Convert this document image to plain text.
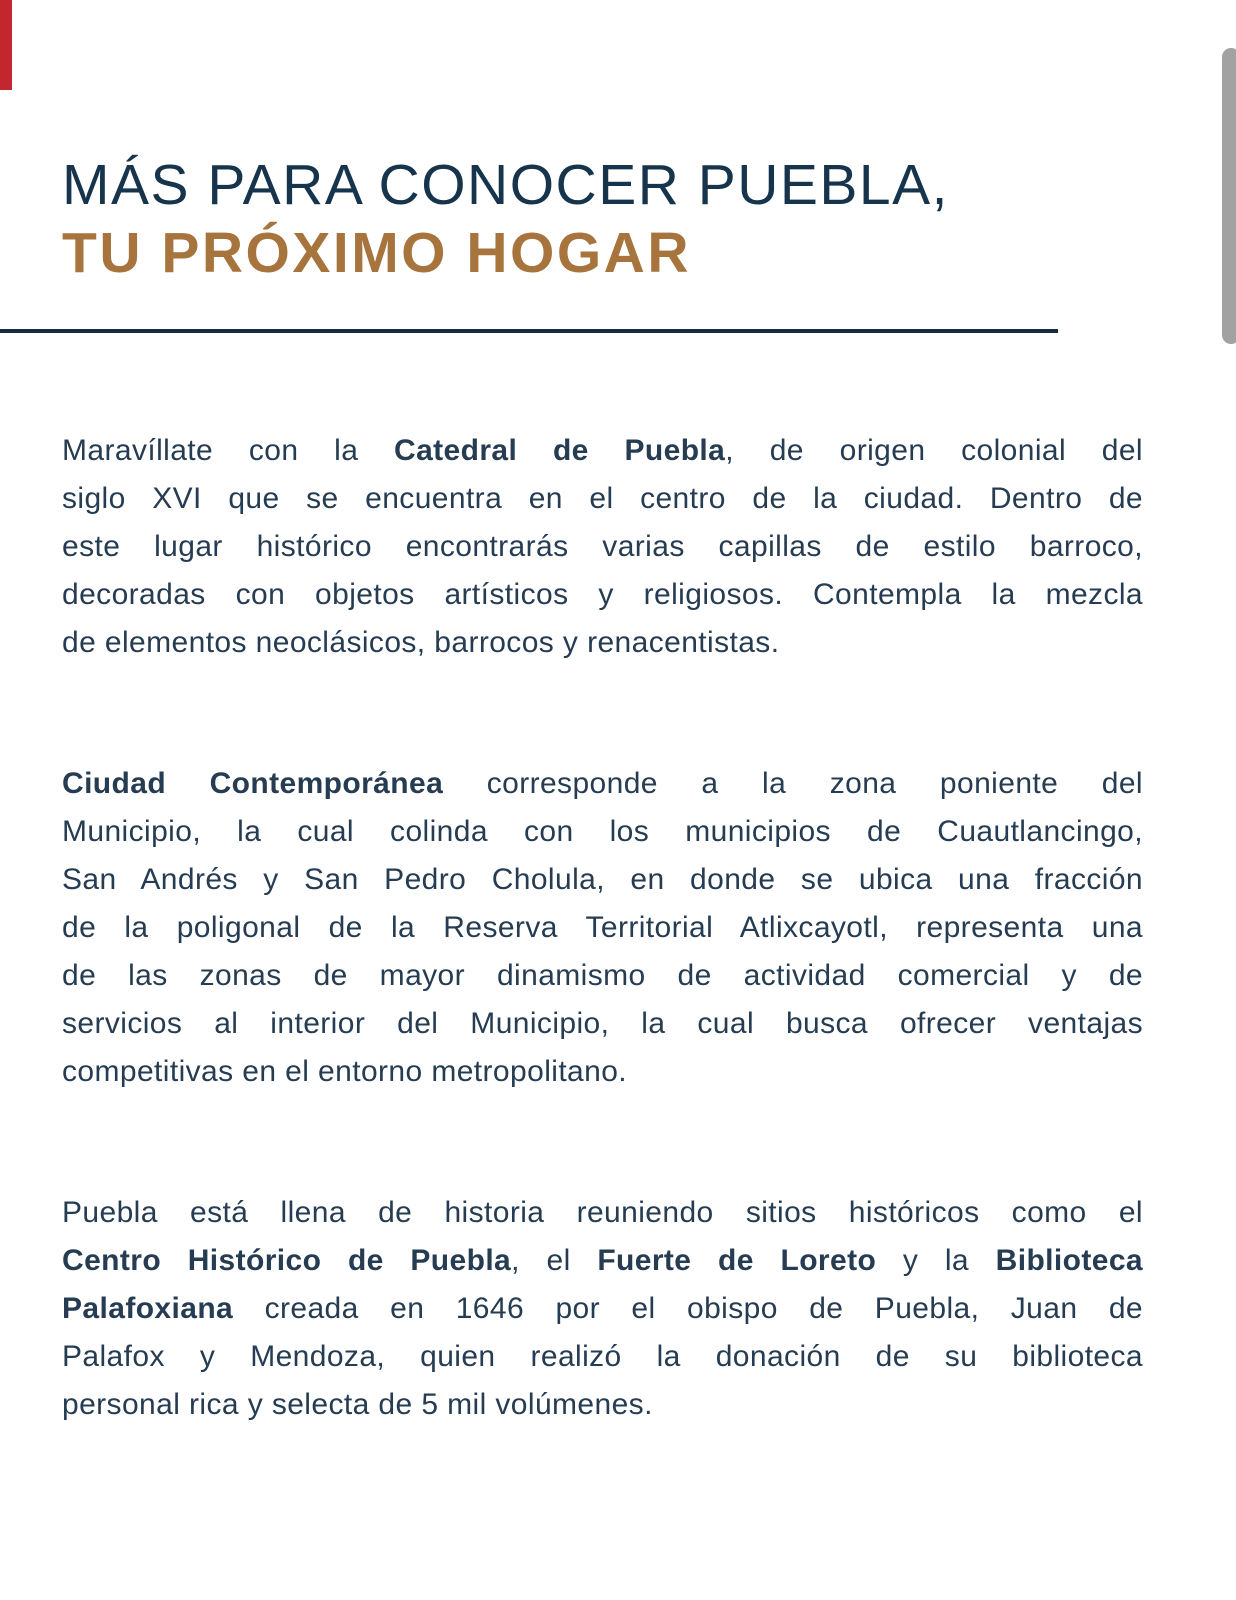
MÁS PARA CONOCER PUEBLA,
TU PRÓXIMO HOGAR
Maravíllate con la Catedral de Puebla, de origen colonial del
siglo XVI que se encuentra en el centro de la ciudad. Dentro de
este lugar histórico encontrarás varias capillas de estilo barroco,
decoradas con objetos artísticos y religiosos. Contempla la mezcla
de elementos neoclásicos, barrocos y renacentistas.
Ciudad Contemporánea corresponde a la zona poniente del
Municipio, la cual colinda con los municipios de Cuautlancingo,
San Andrés y San Pedro Cholula, en donde se ubica una fracción
de la poligonal de la Reserva Territorial Atlixcayotl, representa una
de las zonas de mayor dinamismo de actividad comercial y de
servicios al interior del Municipio, la cual busca ofrecer ventajas
competitivas en el entorno metropolitano.
Puebla está llena de historia reuniendo sitios históricos como el
Centro Histórico de Puebla, el Fuerte de Loreto y la Biblioteca
Palafoxiana creada en 1646 por el obispo de Puebla, Juan de
Palafox y Mendoza, quien realizó la donación de su biblioteca
personal rica y selecta de 5 mil volúmenes.
